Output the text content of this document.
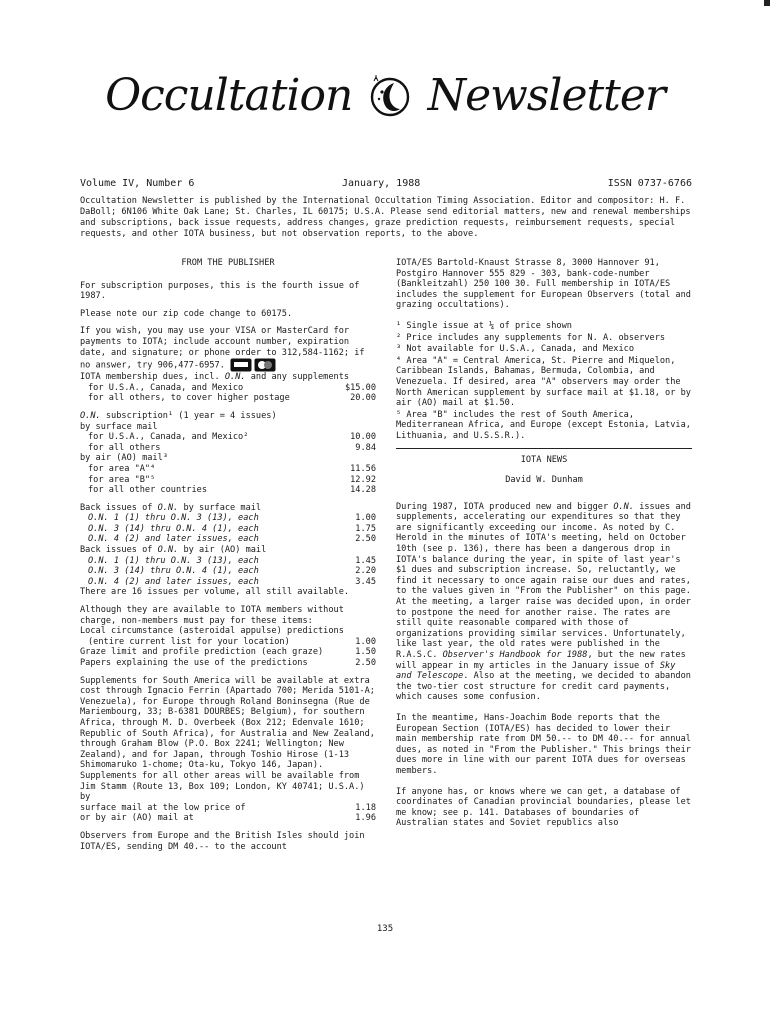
Occultation Newsletter
Volume IV, Number 6	January, 1988	ISSN 0737-6766
Occultation Newsletter is published by the International Occultation Timing Association. Editor and compositor: H. F. DaBoll; 6N106 White Oak Lane; St. Charles, IL 60175; U.S.A. Please send editorial matters, new and renewal memberships and subscriptions, back issue requests, address changes, graze prediction requests, reimbursement requests, special requests, and other IOTA business, but not observation reports, to the above.
FROM THE PUBLISHER

For subscription purposes, this is the fourth issue of 1987.

Please note our zip code change to 60175.

If you wish, you may use your VISA or MasterCard for payments to IOTA; include account number, expiration date, and signature; or phone order to 312,584-1162; if no answer, try 906,477-6957.

IOTA membership dues, incl. O.N. and any supplements
for U.S.A., Canada, and Mexico	$15.00
for all others, to cover higher postage	20.00
O.N. subscription¹ (1 year = 4 issues)
by surface mail
for U.S.A., Canada, and Mexico²	10.00
for all others	9.84
by air (AO) mail³
for area "A"⁴	11.56
for area "B"⁵	12.92
for all other countries	14.28
Back issues of O.N. by surface mail
O.N. 1 (1) thru O.N. 3 (13), each	1.00
O.N. 3 (14) thru O.N. 4 (1), each	1.75
O.N. 4 (2) and later issues, each	2.50
Back issues of O.N. by air (AO) mail
O.N. 1 (1) thru O.N. 3 (13), each	1.45
O.N. 3 (14) thru O.N. 4 (1), each	2.20
O.N. 4 (2) and later issues, each	3.45
There are 16 issues per volume, all still available.
Although they are available to IOTA members without charge, non-members must pay for these items:
Local circumstance (asteroidal appulse) predictions
(entire current list for your location)	1.00
Graze limit and profile prediction (each graze)	1.50
Papers explaining the use of the predictions	2.50
Supplements for South America will be available at extra cost through Ignacio Ferrin (Apartado 700; Merida 5101-A; Venezuela), for Europe through Roland Boninsegna (Rue de Mariembourg, 33; B-6381 DOURBES; Belgium), for southern Africa, through M. D. Overbeek (Box 212; Edenvale 1610; Republic of South Africa), for Australia and New Zealand, through Graham Blow (P.O. Box 2241; Wellington; New Zealand), and for Japan, through Toshio Hirose (1-13 Shimomaruko 1-chome; Ota-ku, Tokyo 146, Japan). Supplements for all other areas will be available from Jim Stamm (Route 13, Box 109; London, KY 40741; U.S.A.) by
surface mail at the low price of	1.18
or by air (AO) mail at	1.96

Observers from Europe and the British Isles should join IOTA/ES, sending DM 40.-- to the account

IOTA/ES Bartold-Knaust Strasse 8, 3000 Hannover 91, Postgiro Hannover 555 829 - 303, bank-code-number (Bankleitzahl) 250 100 30. Full membership in IOTA/ES includes the supplement for European Observers (total and grazing occultations).

¹ Single issue at ¼ of price shown
² Price includes any supplements for N. A. observers
³ Not available for U.S.A., Canada, and Mexico
⁴ Area "A" = Central America, St. Pierre and Miquelon, Caribbean Islands, Bahamas, Bermuda, Colombia, and Venezuela. If desired, area "A" observers may order the North American supplement by surface mail at $1.18, or by air (AO) mail at $1.50.
⁵ Area "B" includes the rest of South America, Mediterranean Africa, and Europe (except Estonia, Latvia, Lithuania, and U.S.S.R.).
IOTA NEWS
David W. Dunham

During 1987, IOTA produced new and bigger O.N. issues and supplements, accelerating our expenditures so that they are significantly exceeding our income. As noted by C. Herold in the minutes of IOTA's meeting, held on October 10th (see p. 136), there has been a dangerous drop in IOTA's balance during the year, in spite of last year's $1 dues and subscription increase. So, reluctantly, we find it necessary to once again raise our dues and rates, to the values given in "From the Publisher" on this page. At the meeting, a larger raise was decided upon, in order to postpone the need for another raise. The rates are still quite reasonable compared with those of organizations providing similar services. Unfortunately, like last year, the old rates were published in the R.A.S.C. Observer's Handbook for 1988, but the new rates will appear in my articles in the January issue of Sky and Telescope. Also at the meeting, we decided to abandon the two-tier cost structure for credit card payments, which causes some confusion.

In the meantime, Hans-Joachim Bode reports that the European Section (IOTA/ES) has decided to lower their main membership rate from DM 50.-- to DM 40.-- for annual dues, as noted in "From the Publisher." This brings their dues more in line with our parent IOTA dues for overseas members.

If anyone has, or knows where we can get, a database of coordinates of Canadian provincial boundaries, please let me know; see p. 141. Databases of boundaries of Australian states and Soviet republics also

135
